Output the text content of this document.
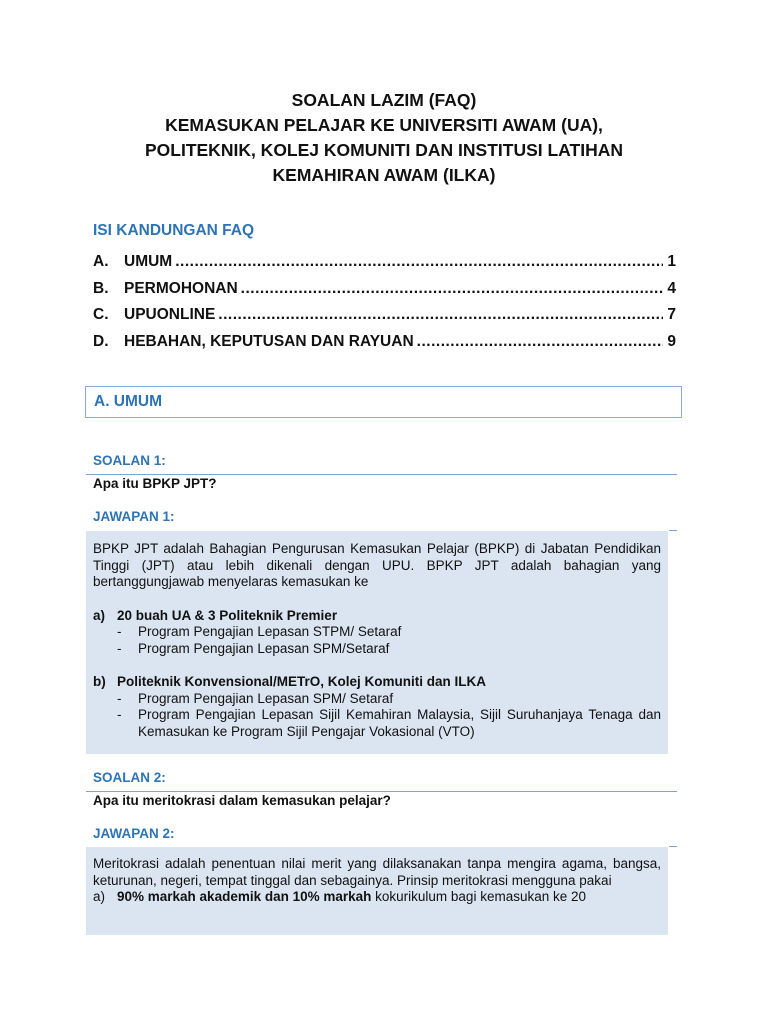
SOALAN LAZIM (FAQ)
KEMASUKAN PELAJAR KE UNIVERSITI AWAM (UA),
POLITEKNIK, KOLEJ KOMUNITI DAN INSTITUSI LATIHAN
KEMAHIRAN AWAM (ILKA)
ISI KANDUNGAN FAQ
A.	UMUM .....	1
B.	PERMOHONAN .....	4
C.	UPUONLINE .....	7
D.	HEBAHAN, KEPUTUSAN DAN RAYUAN .....	9
A. UMUM
SOALAN 1:
Apa itu BPKP JPT?
JAWAPAN 1:

BPKP JPT adalah Bahagian Pengurusan Kemasukan Pelajar (BPKP) di Jabatan Pendidikan Tinggi (JPT) atau lebih dikenali dengan UPU. BPKP JPT adalah bahagian yang bertanggungjawab menyelaras kemasukan ke

a) 20 buah UA & 3 Politeknik Premier

-	Program Pengajian Lepasan STPM/ Setaraf
-	Program Pengajian Lepasan SPM/Setaraf

b) Politeknik Konvensional/METrO, Kolej Komuniti dan ILKA

-	Program Pengajian Lepasan SPM/ Setaraf
-	Program Pengajian Lepasan Sijil Kemahiran Malaysia, Sijil Suruhanjaya Tenaga dan Kemasukan ke Program Sijil Pengajar Vokasional (VTO)
SOALAN 2:
Apa itu meritokrasi dalam kemasukan pelajar?
JAWAPAN 2:

Meritokrasi adalah penentuan nilai merit yang dilaksanakan tanpa mengira agama, bangsa, keturunan, negeri, tempat tinggal dan sebagainya. Prinsip meritokrasi mengguna pakai

a) 90% markah akademik dan 10% markah kokurikulum bagi kemasukan ke 20
